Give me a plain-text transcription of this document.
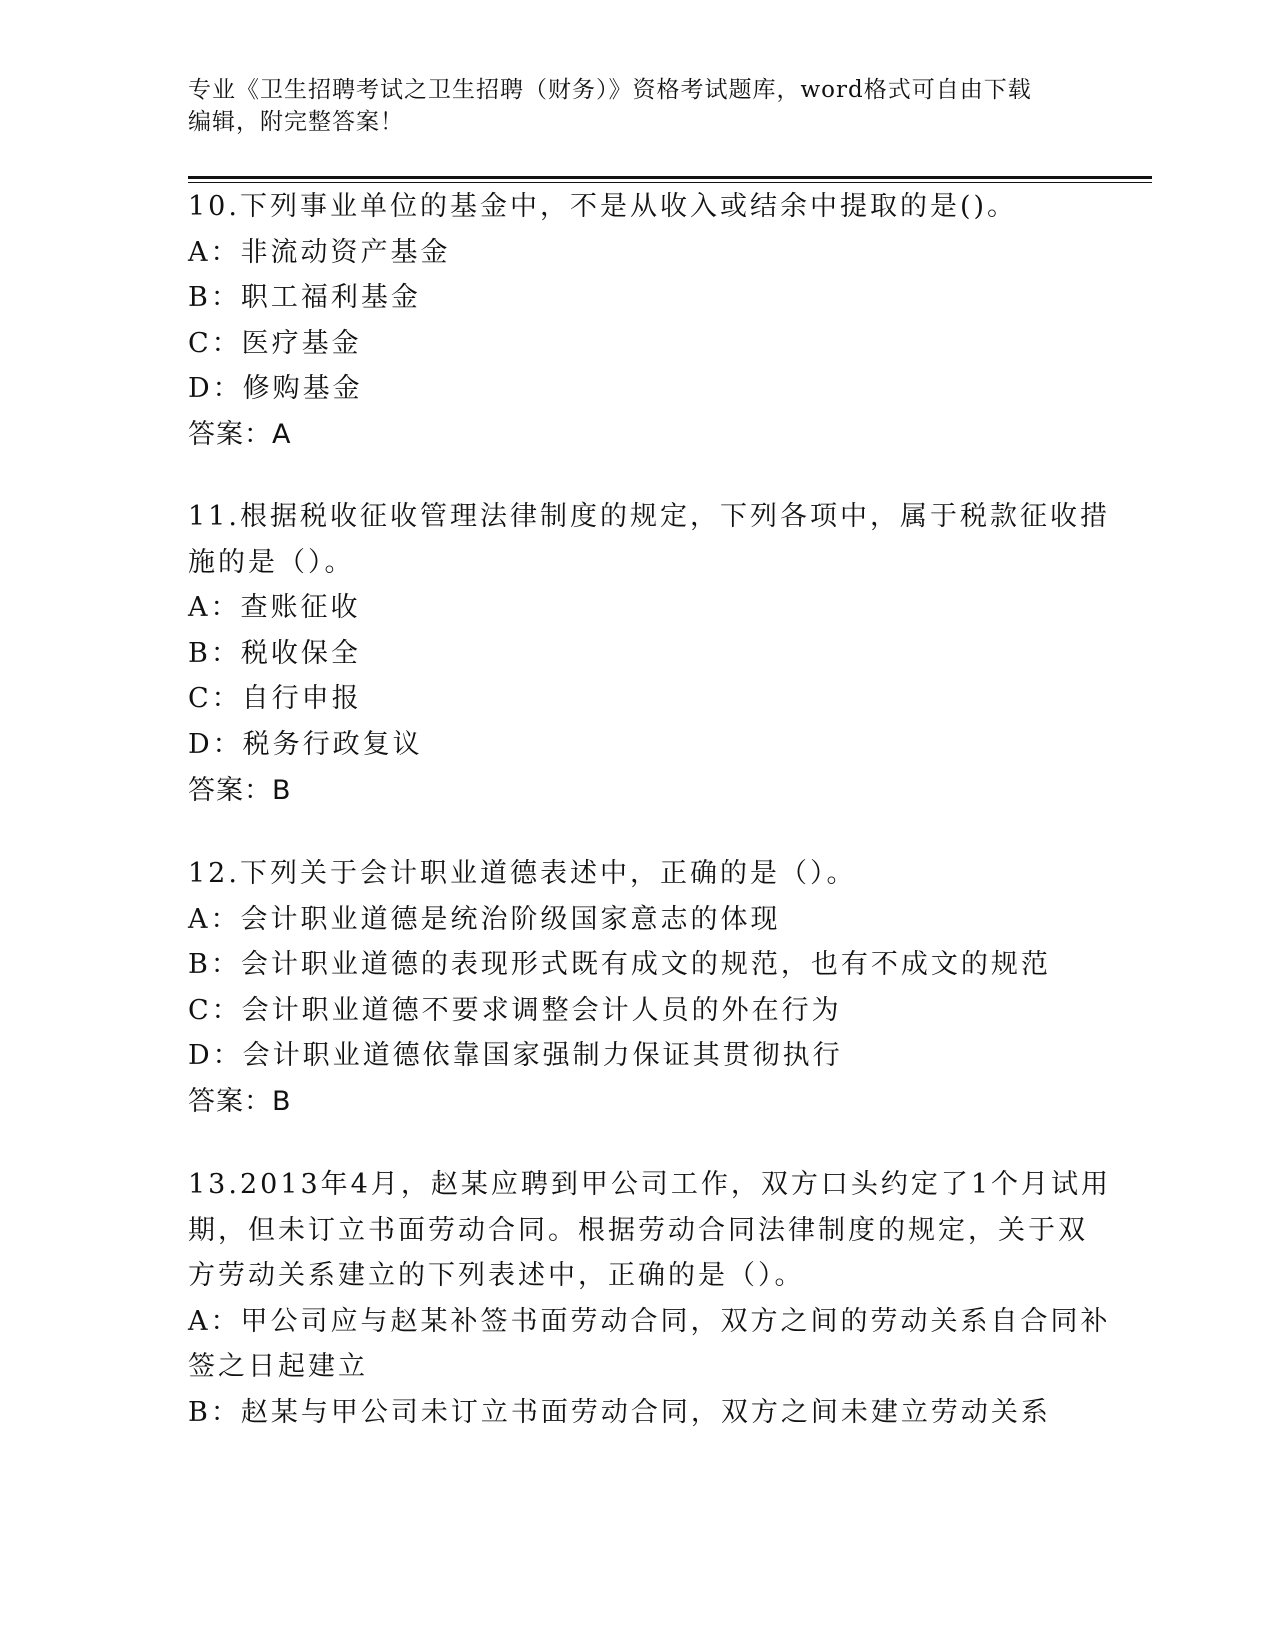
专业《卫生招聘考试之卫生招聘（财务）》资格考试题库，word格式可自由下载
编辑，附完整答案！
10.下列事业单位的基金中，不是从收入或结余中提取的是()。
A：非流动资产基金
B：职工福利基金
C：医疗基金
D：修购基金
答案：A
11.根据税收征收管理法律制度的规定，下列各项中，属于税款征收措
施的是（）。
A：查账征收
B：税收保全
C：自行申报
D：税务行政复议
答案：B
12.下列关于会计职业道德表述中，正确的是（）。
A：会计职业道德是统治阶级国家意志的体现
B：会计职业道德的表现形式既有成文的规范，也有不成文的规范
C：会计职业道德不要求调整会计人员的外在行为
D：会计职业道德依靠国家强制力保证其贯彻执行
答案：B
13.2013年4月，赵某应聘到甲公司工作，双方口头约定了1个月试用
期，但未订立书面劳动合同。根据劳动合同法律制度的规定，关于双
方劳动关系建立的下列表述中，正确的是（）。
A：甲公司应与赵某补签书面劳动合同，双方之间的劳动关系自合同补
签之日起建立
B：赵某与甲公司未订立书面劳动合同，双方之间未建立劳动关系
